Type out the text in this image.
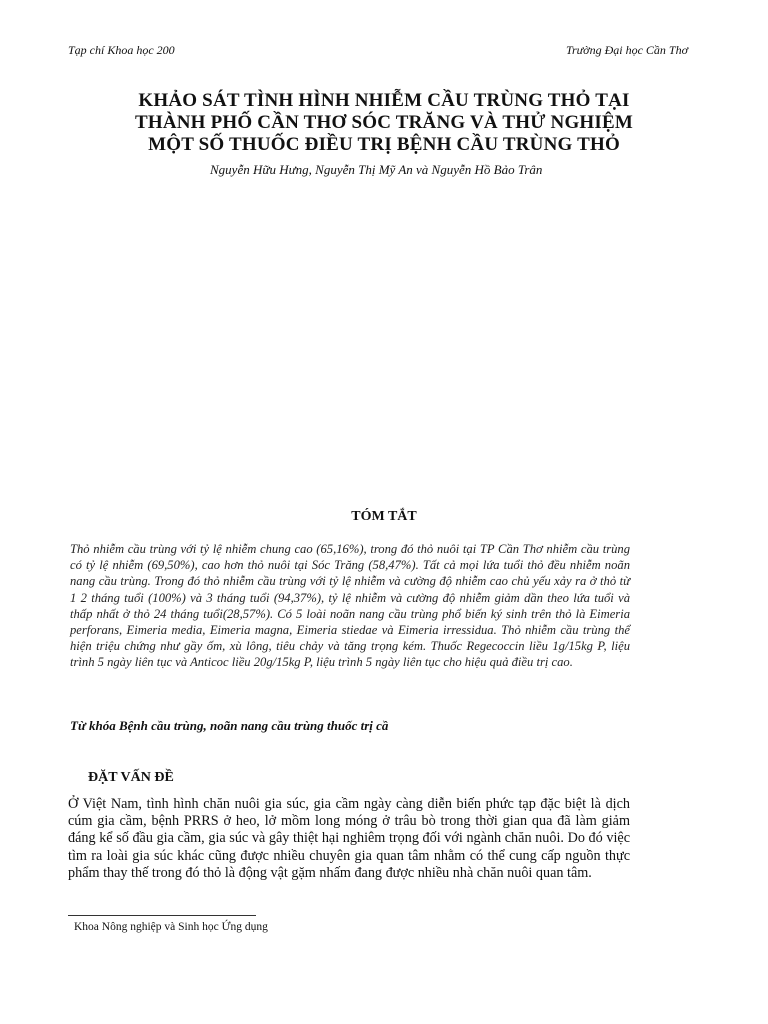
Tạp chí Khoa học 200	Trường Đại học Cần Thơ
KHẢO SÁT TÌNH HÌNH NHIỄM CẦU TRÙNG THỎ TẠI
THÀNH PHỐ CẦN THƠ SÓC TRĂNG VÀ THỬ NGHIỆM
MỘT SỐ THUỐC ĐIỀU TRỊ BỆNH CẦU TRÙNG THỎ
Nguyễn Hữu Hưng, Nguyễn Thị Mỹ An và Nguyễn Hồ Bảo Trân
TÓM TẮT
Thỏ nhiễm cầu trùng với tỷ lệ nhiễm chung cao (65,16%), trong đó thỏ nuôi tại TP Cần Thơ nhiễm cầu trùng có tỷ lệ nhiễm (69,50%), cao hơn thỏ nuôi tại Sóc Trăng (58,47%). Tất cả mọi lứa tuổi thỏ đều nhiễm noãn nang cầu trùng. Trong đó thỏ nhiễm cầu trùng với tỷ lệ nhiễm và cường độ nhiễm cao chủ yếu xảy ra ở thỏ từ 1 2 tháng tuổi (100%) và 3 tháng tuổi (94,37%), tỷ lệ nhiễm và cường độ nhiễm giảm dần theo lứa tuổi và thấp nhất ở thỏ 24 tháng tuổi(28,57%). Có 5 loài noãn nang cầu trùng phổ biến ký sinh trên thỏ là Eimeria perforans, Eimeria media, Eimeria magna, Eimeria stiedae và Eimeria irressidua. Thỏ nhiễm cầu trùng thể hiện triệu chứng như gầy ốm, xù lông, tiêu chảy và tăng trọng kém. Thuốc Regecoccin liều 1g/15kg P, liệu trình 5 ngày liên tục và Anticoc liều 20g/15kg P, liệu trình 5 ngày liên tục cho hiệu quả điều trị cao.
Từ khóa Bệnh cầu trùng, noãn nang cầu trùng thuốc trị cầ
ĐẶT VẤN ĐỀ
Ở Việt Nam, tình hình chăn nuôi gia súc, gia cầm ngày càng diễn biến phức tạp đặc biệt là dịch cúm gia cầm, bệnh PRRS ở heo, lở mồm long móng ở trâu bò trong thời gian qua đã làm giảm đáng kể số đầu gia cầm, gia súc và gây thiệt hại nghiêm trọng đối với ngành chăn nuôi. Do đó việc tìm ra loài gia súc khác cũng được nhiều chuyên gia quan tâm nhằm có thể cung cấp nguồn thực phẩm thay thế trong đó thỏ là động vật gặm nhấm đang được nhiều nhà chăn nuôi quan tâm.
Khoa Nông nghiệp và Sinh học Ứng dụng
